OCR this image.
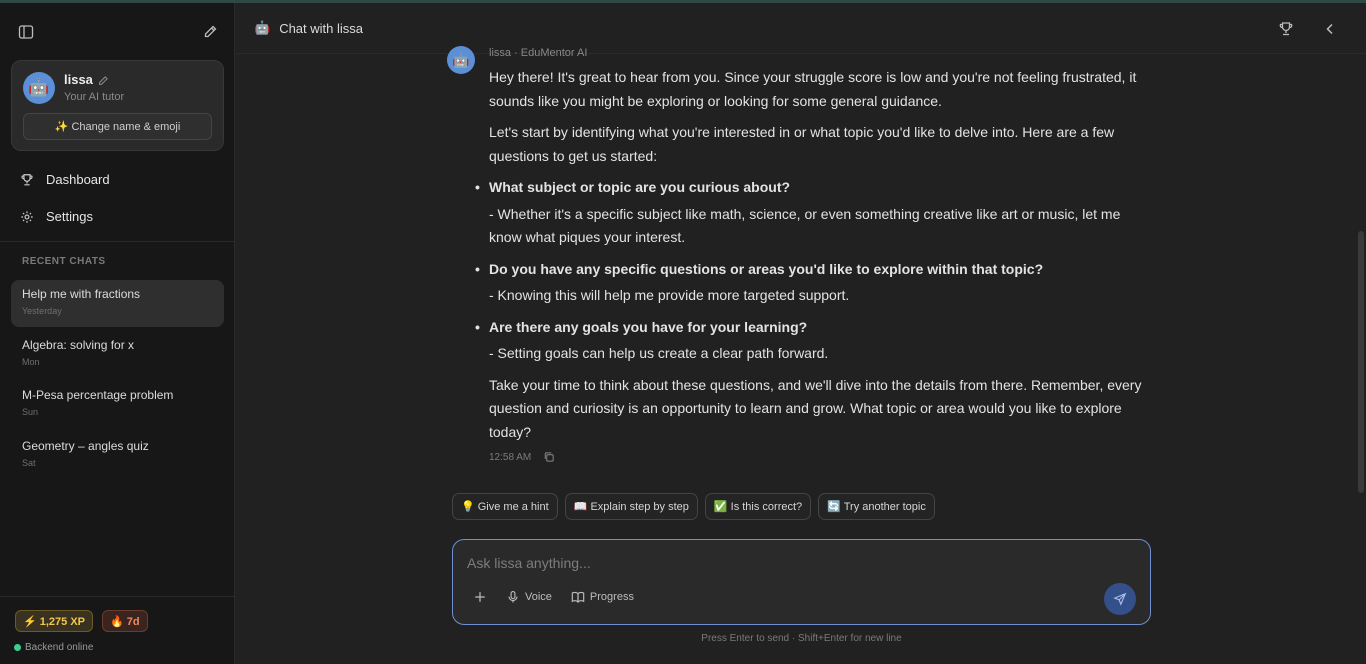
🤖	lissa
Your AI tutor
✨ Change name & emoji
Dashboard
Settings
RECENT CHATS
Help me with fractions
Yesterday
Algebra: solving for x
Mon
M-Pesa percentage problem
Sun
Geometry – angles quiz
Sat
⚡ 1,275 XP	🔥 7d
Backend online
🤖 Chat with lissa
🤖	lissa · EduMentor AI

Hey there! It's great to hear from you. Since your struggle score is low and you're not feeling frustrated, it sounds like you might be exploring or looking for some general guidance.

Let's start by identifying what you're interested in or what topic you'd like to delve into. Here are a few questions to get us started:

• What subject or topic are you curious about?

- Whether it's a specific subject like math, science, or even something creative like art or music, let me know what piques your interest.

• Do you have any specific questions or areas you'd like to explore within that topic?

- Knowing this will help me provide more targeted support.

• Are there any goals you have for your learning?

- Setting goals can help us create a clear path forward.

Take your time to think about these questions, and we'll dive into the details from there. Remember, every question and curiosity is an opportunity to learn and grow. What topic or area would you like to explore today?

12:58 AM
💡 Give me a hint	📖 Explain step by step	✅ Is this correct?	🔄 Try another topic
Ask lissa anything...
Voice	Progress
Press Enter to send · Shift+Enter for new line
